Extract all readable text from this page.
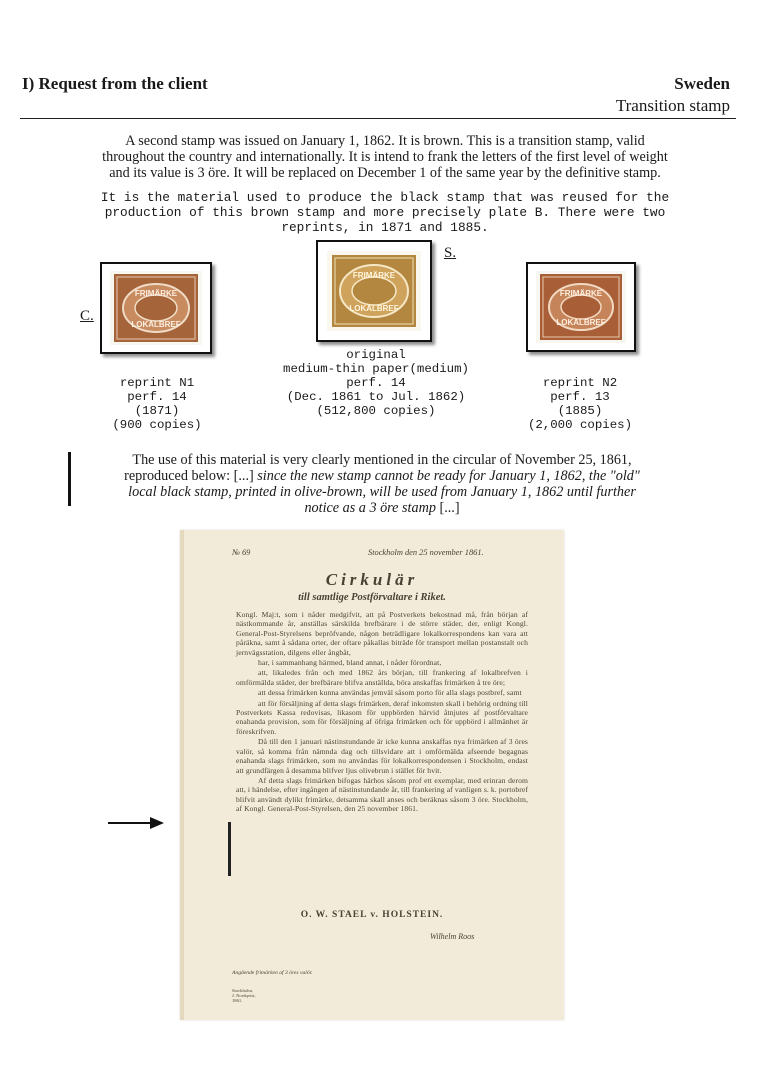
I) Request from the client	Sweden
Transition stamp
A second stamp was issued on January 1, 1862. It is brown. This is a transition stamp, valid
throughout the country and internationally. It is intend to frank the letters of the first level of weight
and its value is 3 öre. It will be replaced on December 1 of the same year by the definitive stamp.
It is the material used to produce the black stamp that was reused for the
production of this brown stamp and more precisely plate B. There were two
reprints, in 1871 and 1885.
C.
FRIMÄRKE
LOKALBREF
FRIMÄRKE
LOKALBREF
S.
FRIMÄRKE
LOKALBREF
reprint N1
perf. 14
(1871)
(900 copies)
original
medium-thin paper(medium)
perf. 14
(Dec. 1861 to Jul. 1862)
(512,800 copies)
reprint N2
perf. 13
(1885)
(2,000 copies)
The use of this material is very clearly mentioned in the circular of November 25, 1861,
reproduced below: [...] since the new stamp cannot be ready for January 1, 1862, the "old"
local black stamp, printed in olive-brown, will be used from January 1, 1862 until further
notice as a 3 öre stamp [...]
№ 69	Stockholm den 25 november 1861.
Cirkulär
till samtlige Postförvaltare i Riket.

Kongl. Maj:t, som i nåder medgifvit, att på Postverkets bekostnad må, från början af nästkommande år, anställas särskilda brefbärare i de större städer, der, enligt Kongl. General-Post-Styrelsens bepröfvande, någon beträdligare lokalkorrespondens kan vara att påräkna, samt å sådana orter, der oftare påkallas biträde för transport mellan postanstalt och jernvägsstation, dilgens eller ångbåt,

har, i sammanhang härmed, bland annat, i nåder förordnat,

att, likaledes från och med 1862 års början, till frankering af lokalbrefven i omförmälda städer, der brefbärare blifva anställda, böra anskaffas frimärken å tre öre;

att dessa frimärken kunna användas jemväl såsom porto för alla slags postbref, samt

att för försäljning af detta slags frimärken, deraf inkomsten skall i behörig ordning till Postverkets Kassa redovisas, likasom för uppbörden härvid åtnjutes af postförvaltare enahanda provision, som för försäljning af öfriga frimärken och för uppbörd i allmänhet är föreskrifven.

Då till den 1 januari nästinstundande är icke kunna anskaffas nya frimärken af 3 öres valör, så komma från nämnda dag och tillsvidare att i omförmälda afseende begagnas enahanda slags frimärken, som nu användas för lokalkorrespondensen i Stockholm, endast att grundfärgen å desamma blifver ljus olivebrun i stället för hvit.

Af detta slags frimärken bifogas härhos såsom prof ett exemplar, med erinran derom att, i händelse, efter ingången af nästinstundande år, till frankering af vanligen s. k. portobref blifvit användt dylikt frimärke, detsamma skall anses och beräknas såsom 3 öre. Stockholm, af Kongl. General-Post-Styrelsen, den 25 november 1861.

O. W. STAEL v. HOLSTEIN.
Wilhelm Roos
Angående frimärken af 3 öres valör.
Stockholm,
J. Nordqvist,
1861.
